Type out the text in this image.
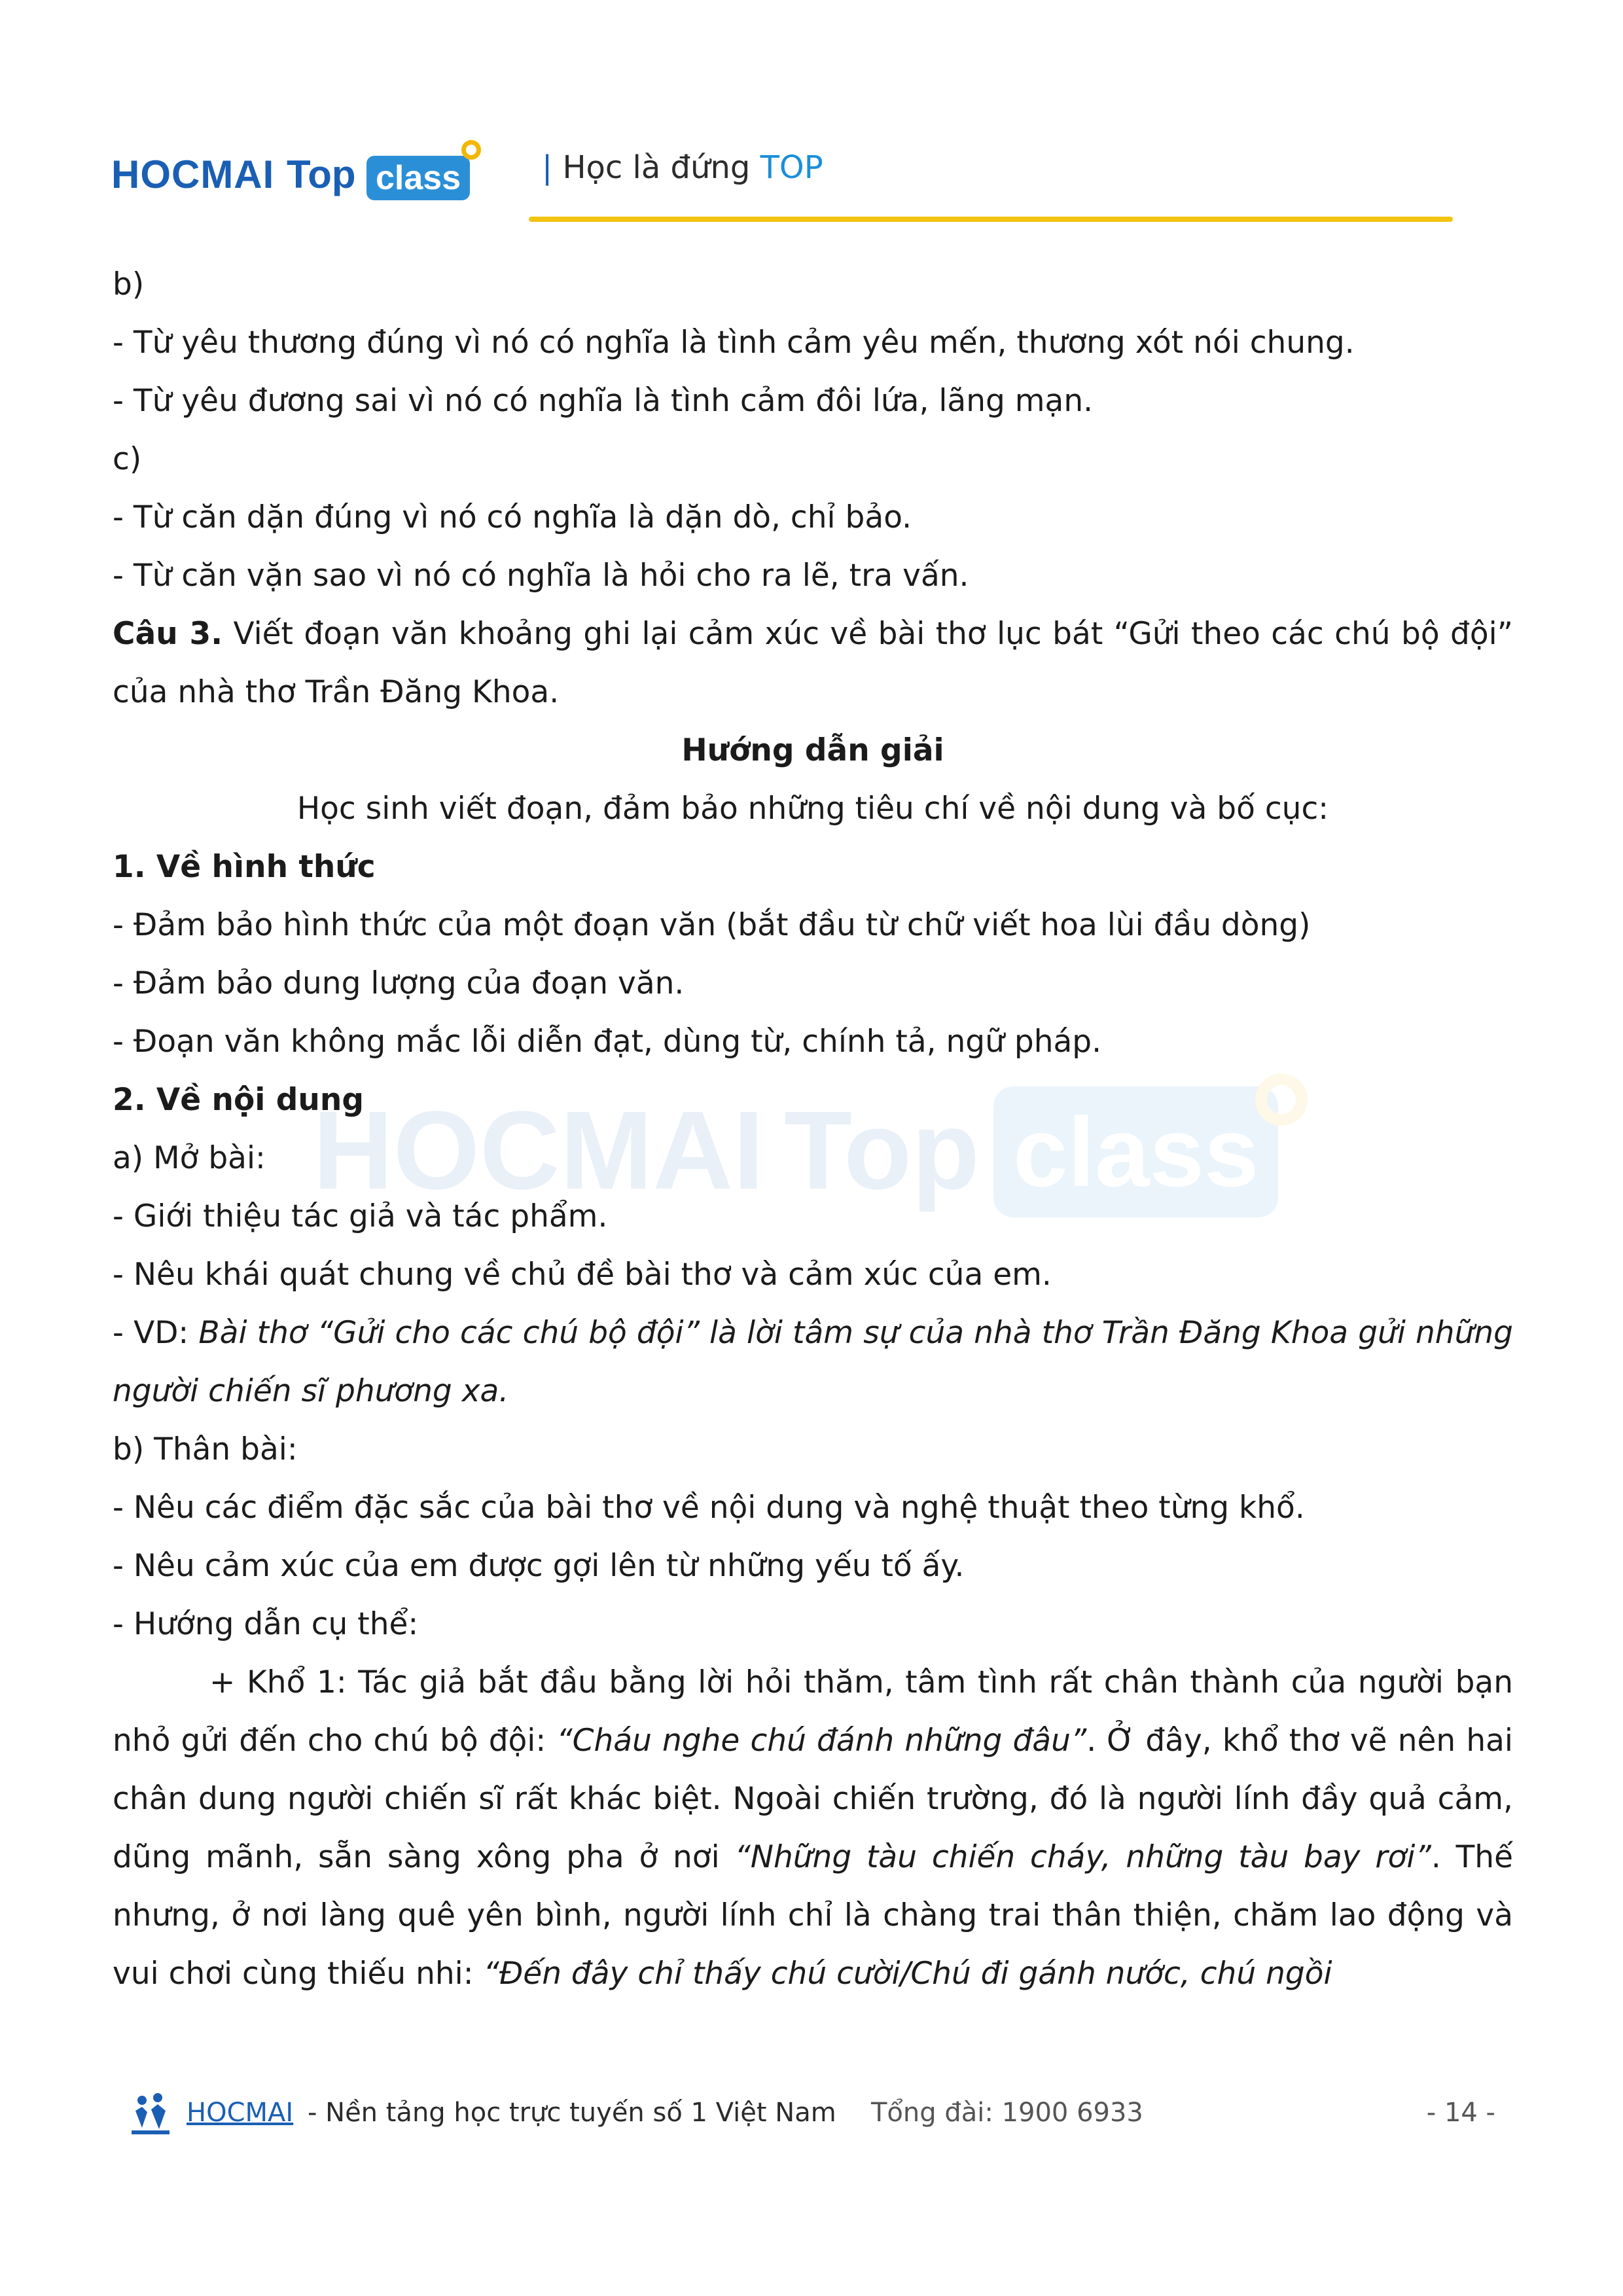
HOCMAI Top class	| Học là đứng TOP
HOCMAI Top class

b)

- Từ yêu thương đúng vì nó có nghĩa là tình cảm yêu mến, thương xót nói chung.

- Từ yêu đương sai vì nó có nghĩa là tình cảm đôi lứa, lãng mạn.

c)

- Từ căn dặn đúng vì nó có nghĩa là dặn dò, chỉ bảo.

- Từ căn vặn sao vì nó có nghĩa là hỏi cho ra lẽ, tra vấn.

Câu 3. Viết đoạn văn khoảng ghi lại cảm xúc về bài thơ lục bát “Gửi theo các chú bộ đội” của nhà thơ Trần Đăng Khoa.

Hướng dẫn giải

Học sinh viết đoạn, đảm bảo những tiêu chí về nội dung và bố cục:

1. Về hình thức

- Đảm bảo hình thức của một đoạn văn (bắt đầu từ chữ viết hoa lùi đầu dòng)

- Đảm bảo dung lượng của đoạn văn.

- Đoạn văn không mắc lỗi diễn đạt, dùng từ, chính tả, ngữ pháp.

2. Về nội dung

a) Mở bài:

- Giới thiệu tác giả và tác phẩm.

- Nêu khái quát chung về chủ đề bài thơ và cảm xúc của em.

- VD: Bài thơ “Gửi cho các chú bộ đội” là lời tâm sự của nhà thơ Trần Đăng Khoa gửi những người chiến sĩ phương xa.

b) Thân bài:

- Nêu các điểm đặc sắc của bài thơ về nội dung và nghệ thuật theo từng khổ.

- Nêu cảm xúc của em được gợi lên từ những yếu tố ấy.

- Hướng dẫn cụ thể:

+ Khổ 1: Tác giả bắt đầu bằng lời hỏi thăm, tâm tình rất chân thành của người bạn nhỏ gửi đến cho chú bộ đội: “Cháu nghe chú đánh những đâu”. Ở đây, khổ thơ vẽ nên hai chân dung người chiến sĩ rất khác biệt. Ngoài chiến trường, đó là người lính đầy quả cảm, dũng mãnh, sẵn sàng xông pha ở nơi “Những tàu chiến cháy, những tàu bay rơi”. Thế nhưng, ở nơi làng quê yên bình, người lính chỉ là chàng trai thân thiện, chăm lao động và vui chơi cùng thiếu nhi: “Đến đây chỉ thấy chú cười/Chú đi gánh nước, chú ngồi

HOCMAI - Nền tảng học trực tuyến số 1 Việt Nam Tổng đài: 1900 6933	- 14 -
